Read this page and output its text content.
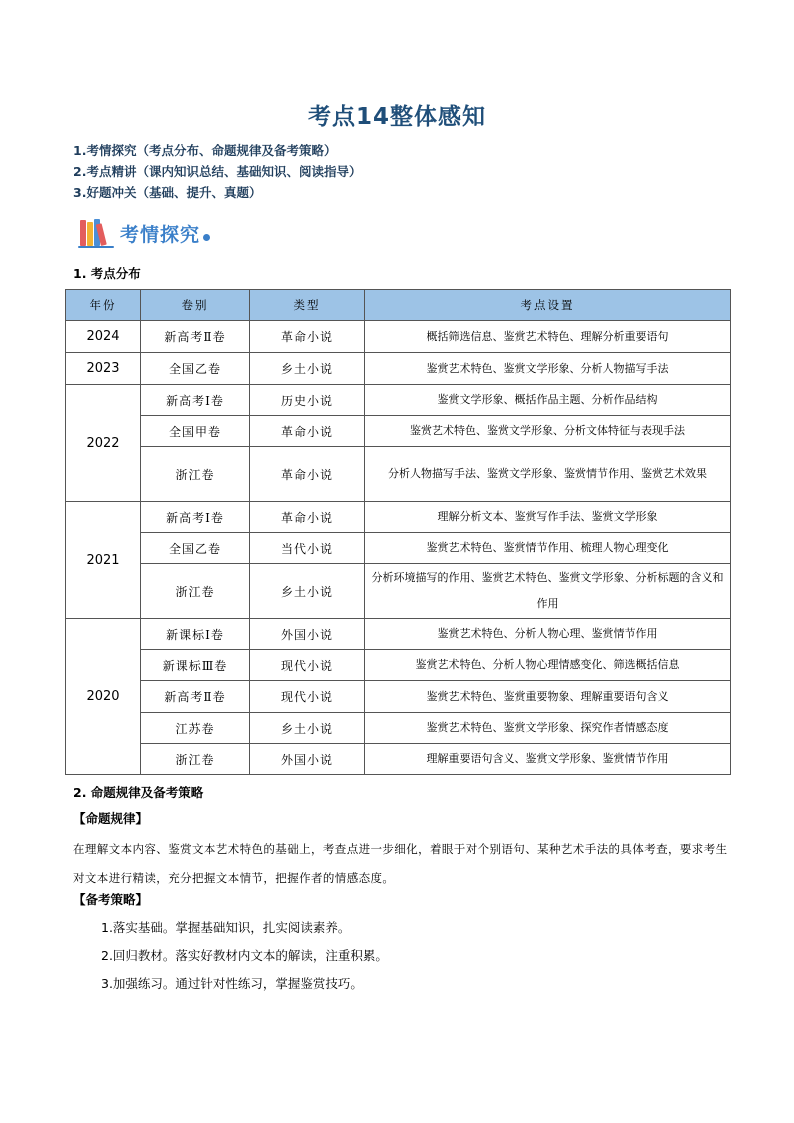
考点14整体感知
1.考情探究（考点分布、命题规律及备考策略）
2.考点精讲（课内知识总结、基础知识、阅读指导）
3.好题冲关（基础、提升、真题）
考情探究
1. 考点分布
年份	卷别	类型	考点设置
2024	新高考Ⅱ卷	革命小说	概括筛选信息、鉴赏艺术特色、理解分析重要语句
2023	全国乙卷	乡土小说	鉴赏艺术特色、鉴赏文学形象、分析人物描写手法
2022	新高考Ⅰ卷	历史小说	鉴赏文学形象、概括作品主题、分析作品结构
	全国甲卷	革命小说	鉴赏艺术特色、鉴赏文学形象、分析文体特征与表现手法
	浙江卷	革命小说	分析人物描写手法、鉴赏文学形象、鉴赏情节作用、鉴赏艺术效果
2021	新高考Ⅰ卷	革命小说	理解分析文本、鉴赏写作手法、鉴赏文学形象
	全国乙卷	当代小说	鉴赏艺术特色、鉴赏情节作用、梳理人物心理变化
	浙江卷	乡土小说	分析环境描写的作用、鉴赏艺术特色、鉴赏文学形象、分析标题的含义和作用
2020	新课标Ⅰ卷	外国小说	鉴赏艺术特色、分析人物心理、鉴赏情节作用
	新课标Ⅲ卷	现代小说	鉴赏艺术特色、分析人物心理情感变化、筛选概括信息
	新高考Ⅱ卷	现代小说	鉴赏艺术特色、鉴赏重要物象、理解重要语句含义
	江苏卷	乡土小说	鉴赏艺术特色、鉴赏文学形象、探究作者情感态度
	浙江卷	外国小说	理解重要语句含义、鉴赏文学形象、鉴赏情节作用
2. 命题规律及备考策略
【命题规律】
在理解文本内容、鉴赏文本艺术特色的基础上，考查点进一步细化，着眼于对个别语句、某种艺术手法的具体考查，要求考生对文本进行精读，充分把握文本情节，把握作者的情感态度。
【备考策略】
1.落实基础。掌握基础知识，扎实阅读素养。
2.回归教材。落实好教材内文本的解读，注重积累。
3.加强练习。通过针对性练习，掌握鉴赏技巧。
